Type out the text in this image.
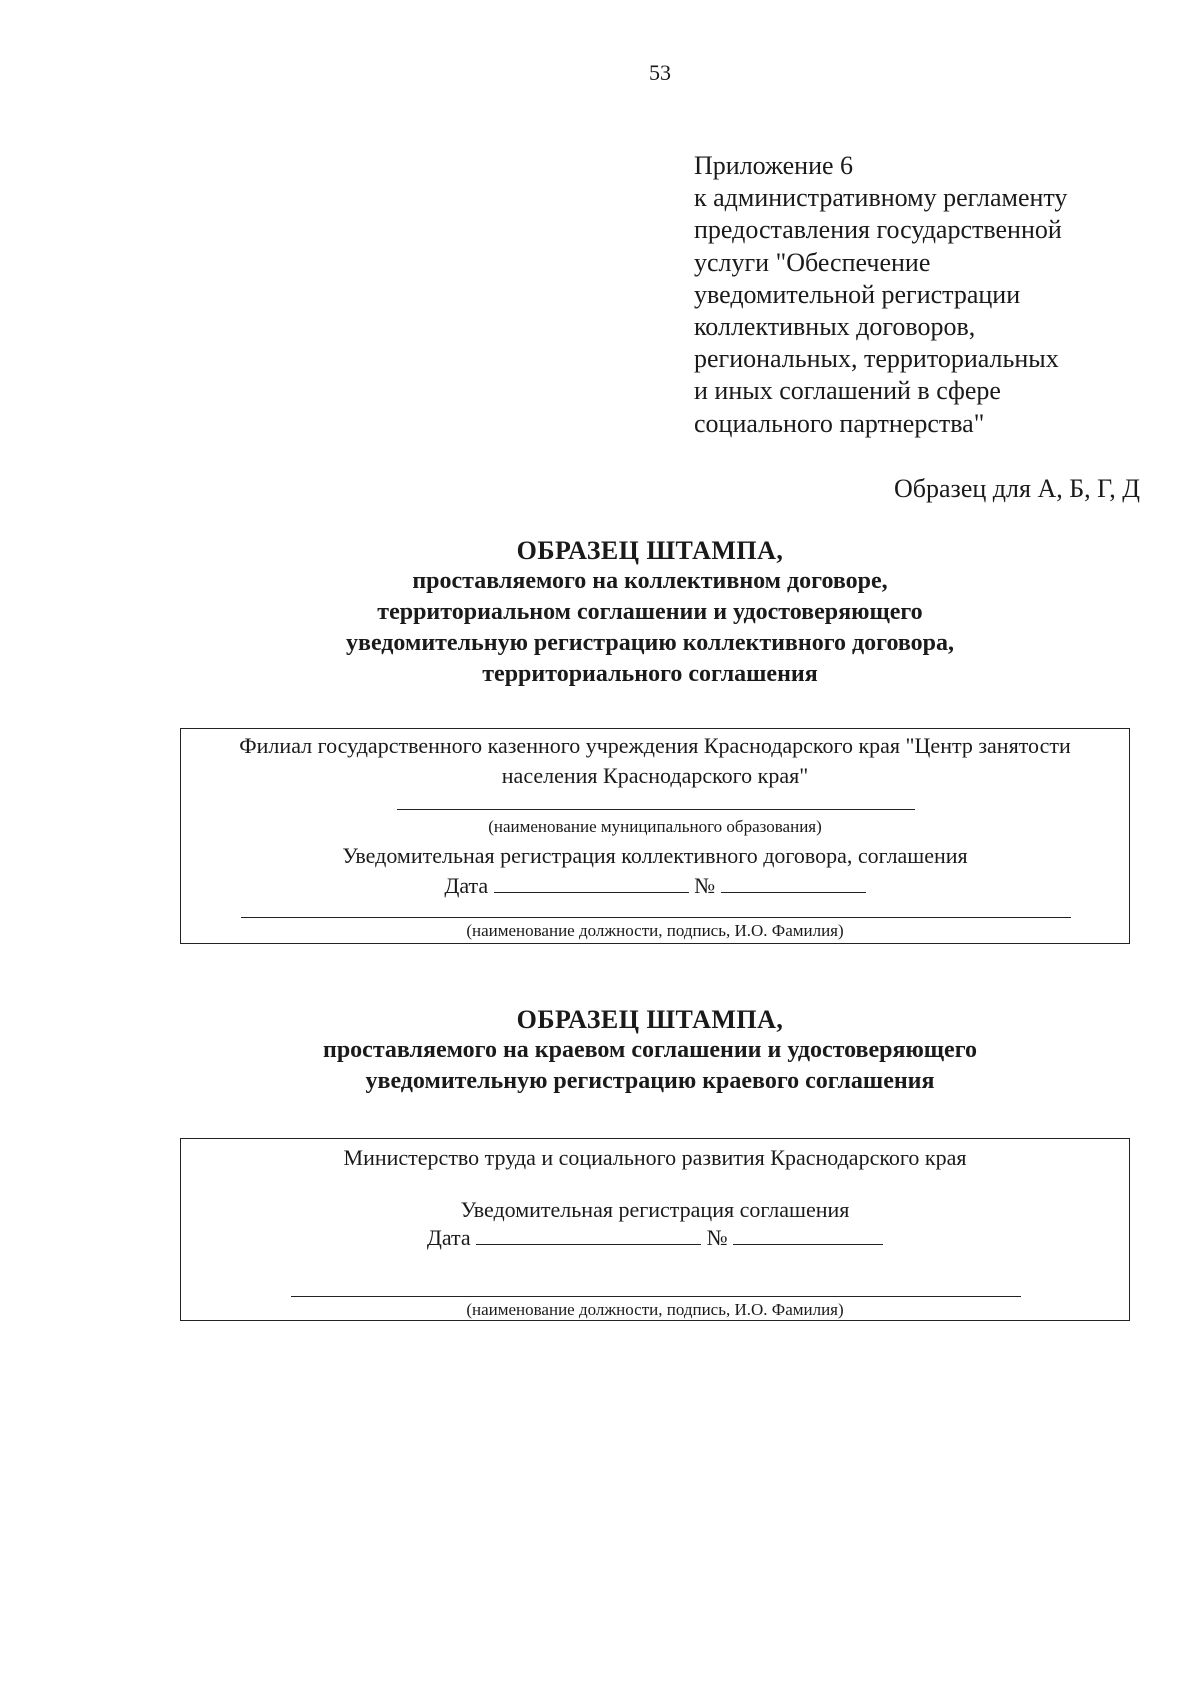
53
Приложение 6
к административному регламенту
предоставления государственной
услуги "Обеспечение
уведомительной регистрации
коллективных договоров,
региональных, территориальных
и иных соглашений в сфере
социального партнерства"
Образец для А, Б, Г, Д
ОБРАЗЕЦ ШТАМПА,
проставляемого на коллективном договоре,
территориальном соглашении и удостоверяющего
уведомительную регистрацию коллективного договора,
территориального соглашения
Филиал государственного казенного учреждения Краснодарского края "Центр занятости
населения Краснодарского края"
(наименование муниципального образования)
Уведомительная регистрация коллективного договора, соглашения
Дата	№
(наименование должности, подпись, И.О. Фамилия)
ОБРАЗЕЦ ШТАМПА,
проставляемого на краевом соглашении и удостоверяющего
уведомительную регистрацию краевого соглашения
Министерство труда и социального развития Краснодарского края
Уведомительная регистрация соглашения
Дата	№
(наименование должности, подпись, И.О. Фамилия)
